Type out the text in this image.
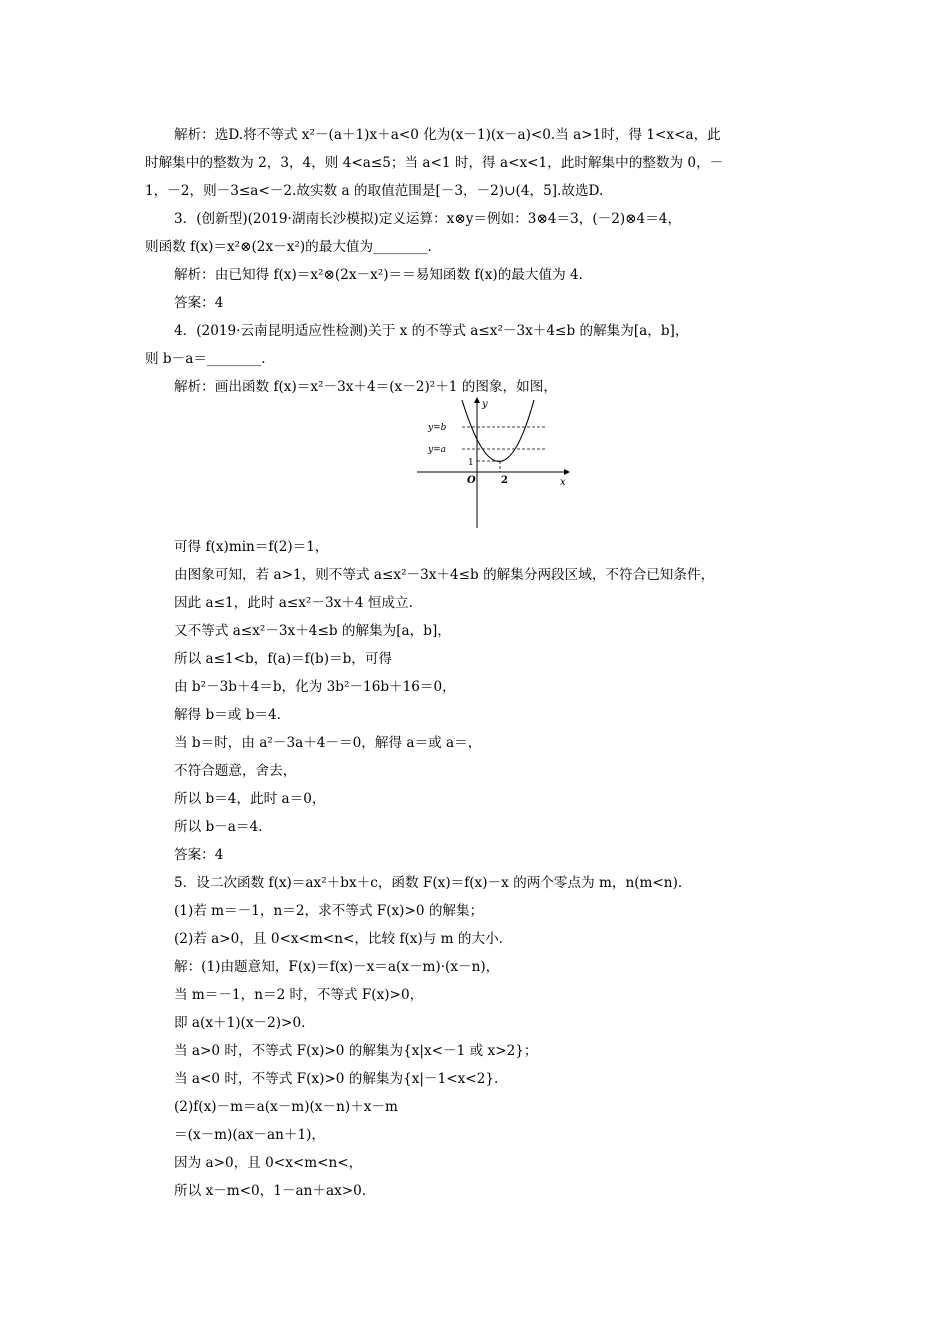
解析：选D.将不等式 x²－(a＋1)x＋a<0 化为(x－1)(x－a)<0.当 a>1时，得 1<x<a，此
时解集中的整数为 2，3，4，则 4<a≤5；当 a<1 时，得 a<x<1，此时解集中的整数为 0，－
1，－2，则－3≤a<－2.故实数 a 的取值范围是[－3，－2)∪(4，5].故选D.
3．(创新型)(2019·湖南长沙模拟)定义运算：x⊗y＝例如：3⊗4＝3，(－2)⊗4＝4，
则函数 f(x)＝x²⊗(2x－x²)的最大值为________.
解析：由已知得 f(x)＝x²⊗(2x－x²)＝＝易知函数 f(x)的最大值为 4.
答案：4
4．(2019·云南昆明适应性检测)关于 x 的不等式 a≤x²－3x＋4≤b 的解集为[a，b]，
则 b－a＝________.
解析：画出函数 f(x)＝x²－3x＋4＝(x－2)²＋1 的图象，如图，
y=b
y=a
1
O	2
y
x
可得 f(x)min＝f(2)＝1，
由图象可知，若 a>1，则不等式 a≤x²－3x＋4≤b 的解集分两段区域，不符合已知条件，
因此 a≤1，此时 a≤x²－3x＋4 恒成立.
又不等式 a≤x²－3x＋4≤b 的解集为[a，b]，
所以 a≤1<b，f(a)＝f(b)＝b，可得
由 b²－3b＋4＝b，化为 3b²－16b＋16＝0，
解得 b＝或 b＝4.
当 b＝时，由 a²－3a＋4－＝0，解得 a＝或 a＝，
不符合题意，舍去，
所以 b＝4，此时 a＝0，
所以 b－a＝4.
答案：4
5．设二次函数 f(x)＝ax²＋bx＋c，函数 F(x)＝f(x)－x 的两个零点为 m，n(m<n).
(1)若 m＝－1，n＝2，求不等式 F(x)>0 的解集；
(2)若 a>0，且 0<x<m<n<，比较 f(x)与 m 的大小.
解：(1)由题意知，F(x)＝f(x)－x＝a(x－m)·(x－n)，
当 m＝－1，n＝2 时，不等式 F(x)>0，
即 a(x＋1)(x－2)>0.
当 a>0 时，不等式 F(x)>0 的解集为{x|x<－1 或 x>2}；
当 a<0 时，不等式 F(x)>0 的解集为{x|－1<x<2}.
(2)f(x)－m＝a(x－m)(x－n)＋x－m
＝(x－m)(ax－an＋1)，
因为 a>0，且 0<x<m<n<，
所以 x－m<0，1－an＋ax>0.
